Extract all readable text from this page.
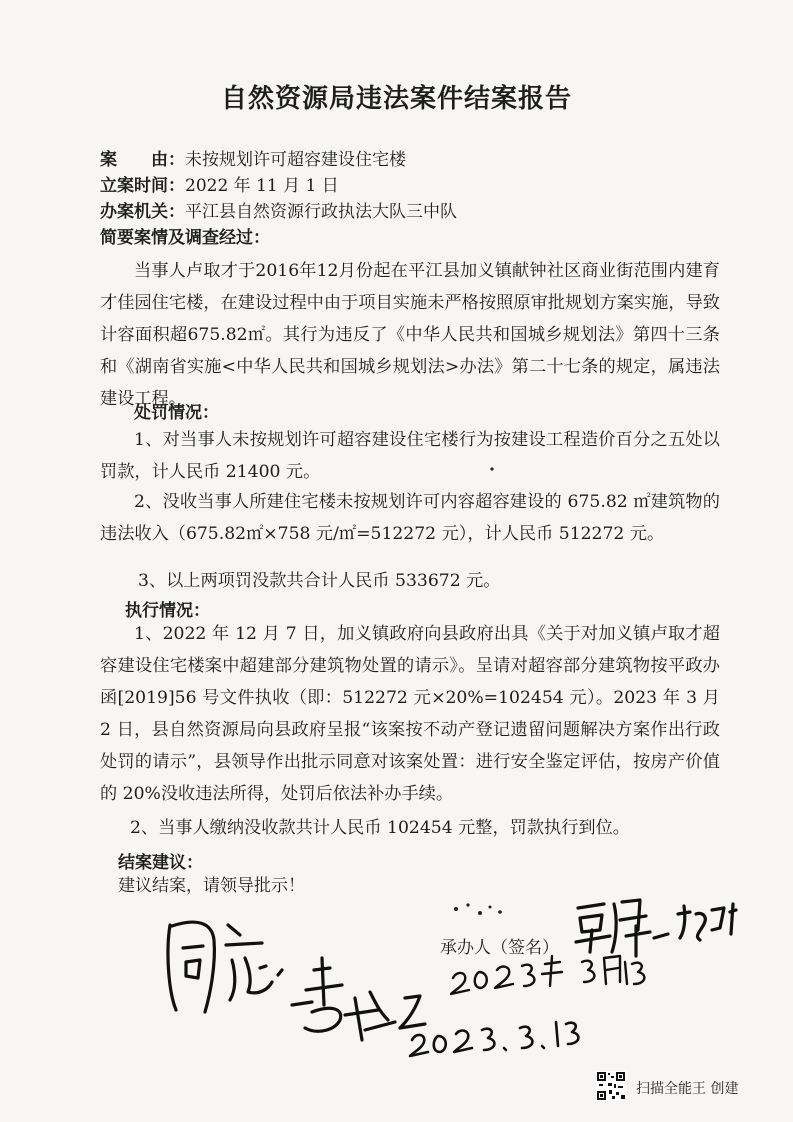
自然资源局违法案件结案报告
案　　由：未按规划许可超容建设住宅楼
立案时间：2022 年 11 月 1 日
办案机关：平江县自然资源行政执法大队三中队
简要案情及调查经过：
当事人卢取才于2016年12月份起在平江县加义镇献钟社区商业街范围内建育才佳园住宅楼，在建设过程中由于项目实施未严格按照原审批规划方案实施，导致计容面积超675.82㎡。其行为违反了《中华人民共和国城乡规划法》第四十三条和《湖南省实施<中华人民共和国城乡规划法>办法》第二十七条的规定，属违法建设工程。
处罚情况：
1、对当事人未按规划许可超容建设住宅楼行为按建设工程造价百分之五处以罚款，计人民币 21400 元。
2、没收当事人所建住宅楼未按规划许可内容超容建设的 675.82 ㎡建筑物的违法收入（675.82㎡×758 元/㎡=512272 元），计人民币 512272 元。
3、以上两项罚没款共合计人民币 533672 元。
执行情况：
1、2022 年 12 月 7 日，加义镇政府向县政府出具《关于对加义镇卢取才超容建设住宅楼案中超建部分建筑物处置的请示》。呈请对超容部分建筑物按平政办函[2019]56 号文件执收（即：512272 元×20%=102454 元）。2023 年 3 月 2 日，县自然资源局向县政府呈报“该案按不动产登记遗留问题解决方案作出行政处罚的请示”，县领导作出批示同意对该案处置：进行安全鉴定评估，按房产价值的 20%没收违法所得，处罚后依法补办手续。
2、当事人缴纳没收款共计人民币 102454 元整，罚款执行到位。
结案建议：
建议结案，请领导批示！
承办人（签名）
扫描全能王 创建
